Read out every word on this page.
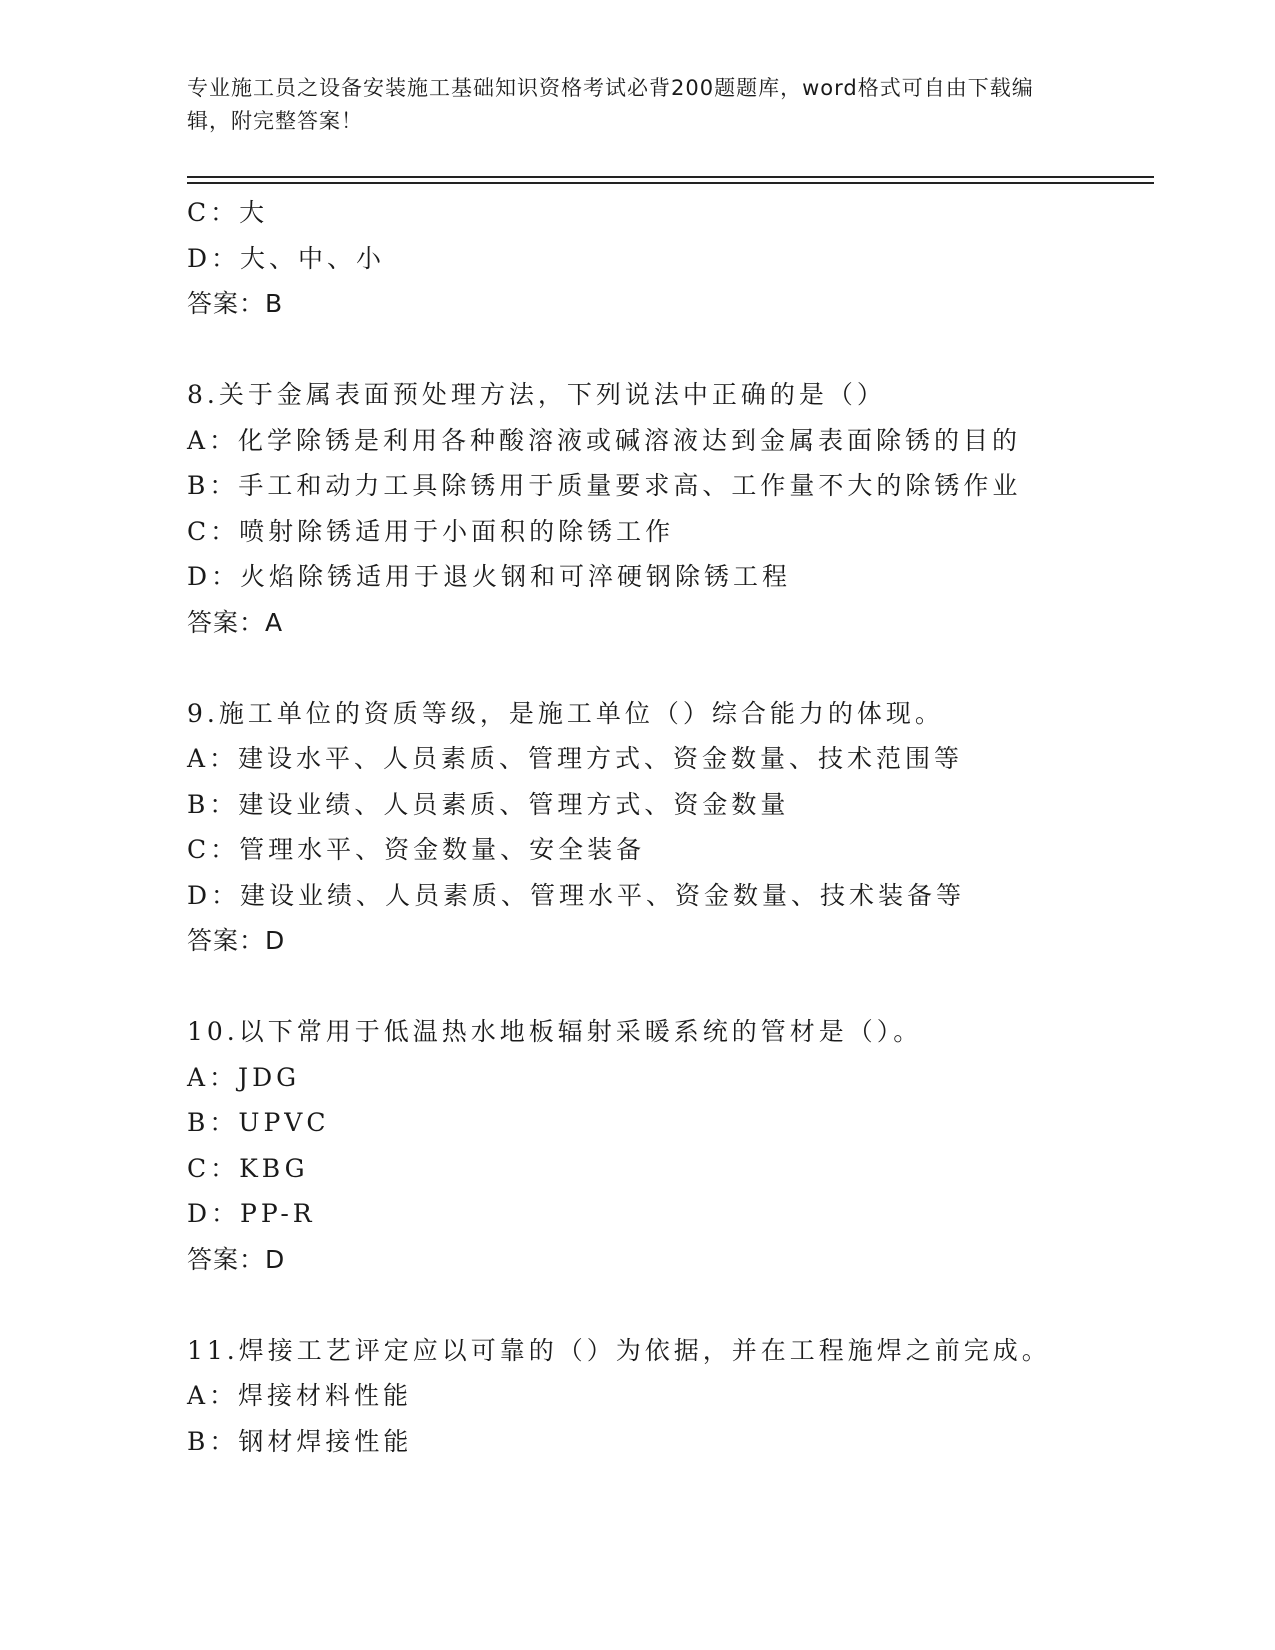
专业施工员之设备安装施工基础知识资格考试必背200题题库，word格式可自由下载编辑，附完整答案！
C：大
D：大、中、小
答案：B
8.关于金属表面预处理方法，下列说法中正确的是（）
A：化学除锈是利用各种酸溶液或碱溶液达到金属表面除锈的目的
B：手工和动力工具除锈用于质量要求高、工作量不大的除锈作业
C：喷射除锈适用于小面积的除锈工作
D：火焰除锈适用于退火钢和可淬硬钢除锈工程
答案：A
9.施工单位的资质等级，是施工单位（）综合能力的体现。
A：建设水平、人员素质、管理方式、资金数量、技术范围等
B：建设业绩、人员素质、管理方式、资金数量
C：管理水平、资金数量、安全装备
D：建设业绩、人员素质、管理水平、资金数量、技术装备等
答案：D
10.以下常用于低温热水地板辐射采暖系统的管材是（）。
A：JDG
B：UPVC
C：KBG
D：PP-R
答案：D
11.焊接工艺评定应以可靠的（）为依据，并在工程施焊之前完成。
A：焊接材料性能
B：钢材焊接性能
